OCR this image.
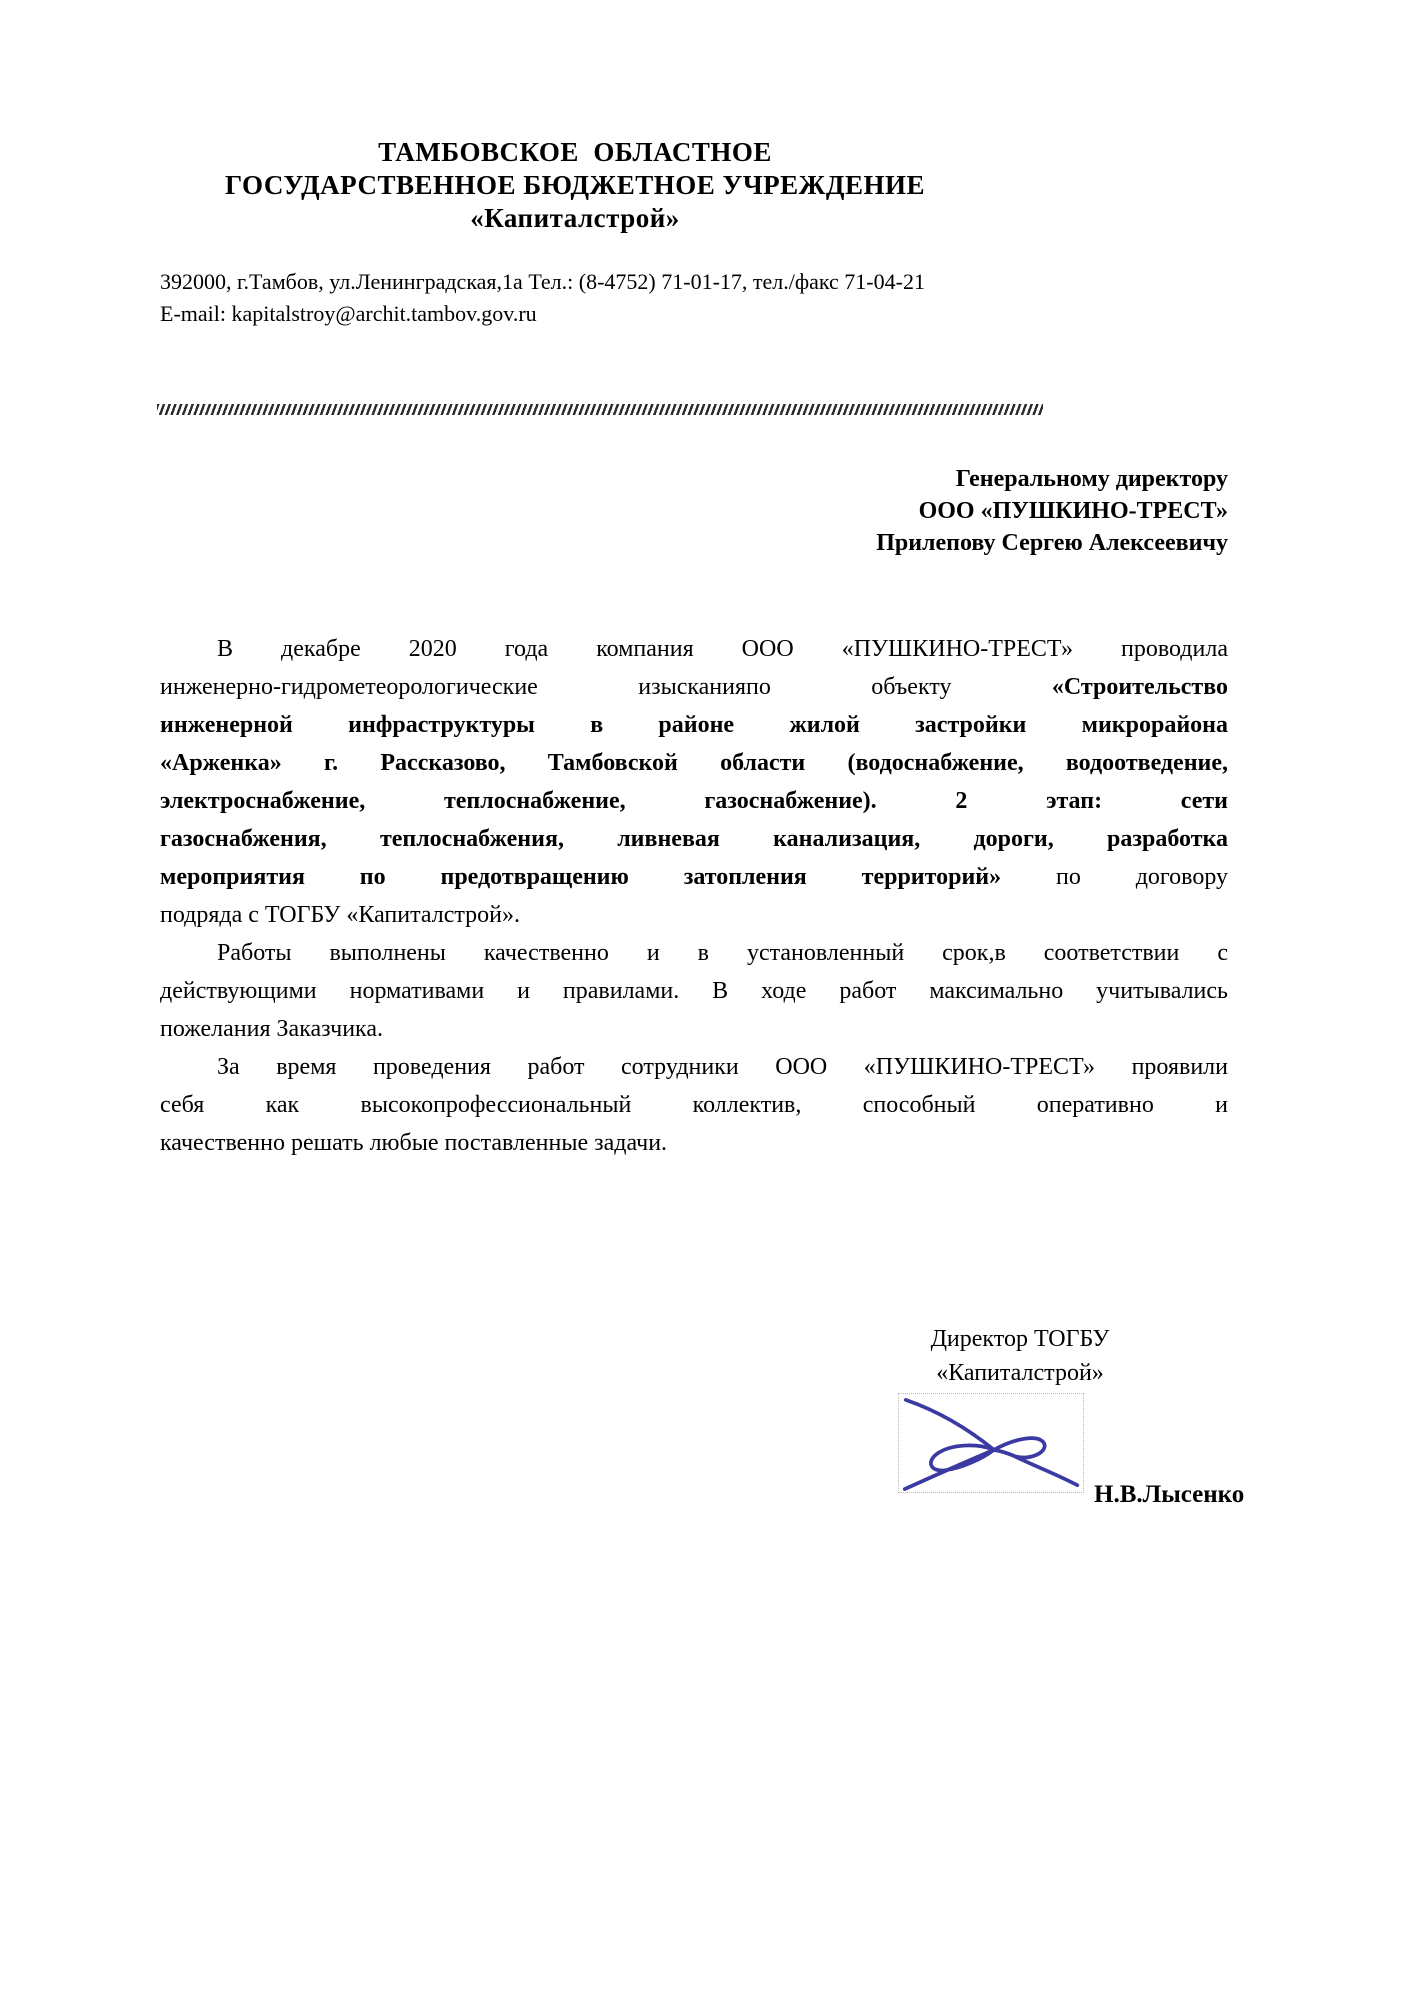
ТАМБОВСКОЕ  ОБЛАСТНОЕ
ГОСУДАРСТВЕННОЕ БЮДЖЕТНОЕ УЧРЕЖДЕНИЕ
«Капиталстрой»
392000, г.Тамбов, ул.Ленинградская,1а Тел.: (8-4752) 71-01-17, тел./факс 71-04-21
E-mail: kapitalstroy@archit.tambov.gov.ru
Генеральному директору
ООО «ПУШКИНО-ТРЕСТ»
Прилепову Сергею Алексеевичу
В декабре 2020 года компания ООО «ПУШКИНО-ТРЕСТ» проводила
инженерно-гидрометеорологические изысканияпо объекту «Строительство
инженерной инфраструктуры в районе жилой застройки микрорайона
«Арженка» г. Рассказово, Тамбовской области (водоснабжение, водоотведение,
электроснабжение, теплоснабжение, газоснабжение). 2 этап: сети
газоснабжения, теплоснабжения, ливневая канализация, дороги, разработка
мероприятия по предотвращению затопления территорий» по договору
подряда с ТОГБУ «Капиталстрой».
Работы выполнены качественно и в установленный срок,в соответствии с
действующими нормативами и правилами. В ходе работ максимально учитывались
пожелания Заказчика.
За время проведения работ сотрудники ООО «ПУШКИНО-ТРЕСТ» проявили
себя как высокопрофессиональный коллектив, способный оперативно и
качественно решать любые поставленные задачи.
Директор ТОГБУ
«Капиталстрой»
Н.В.Лысенко
